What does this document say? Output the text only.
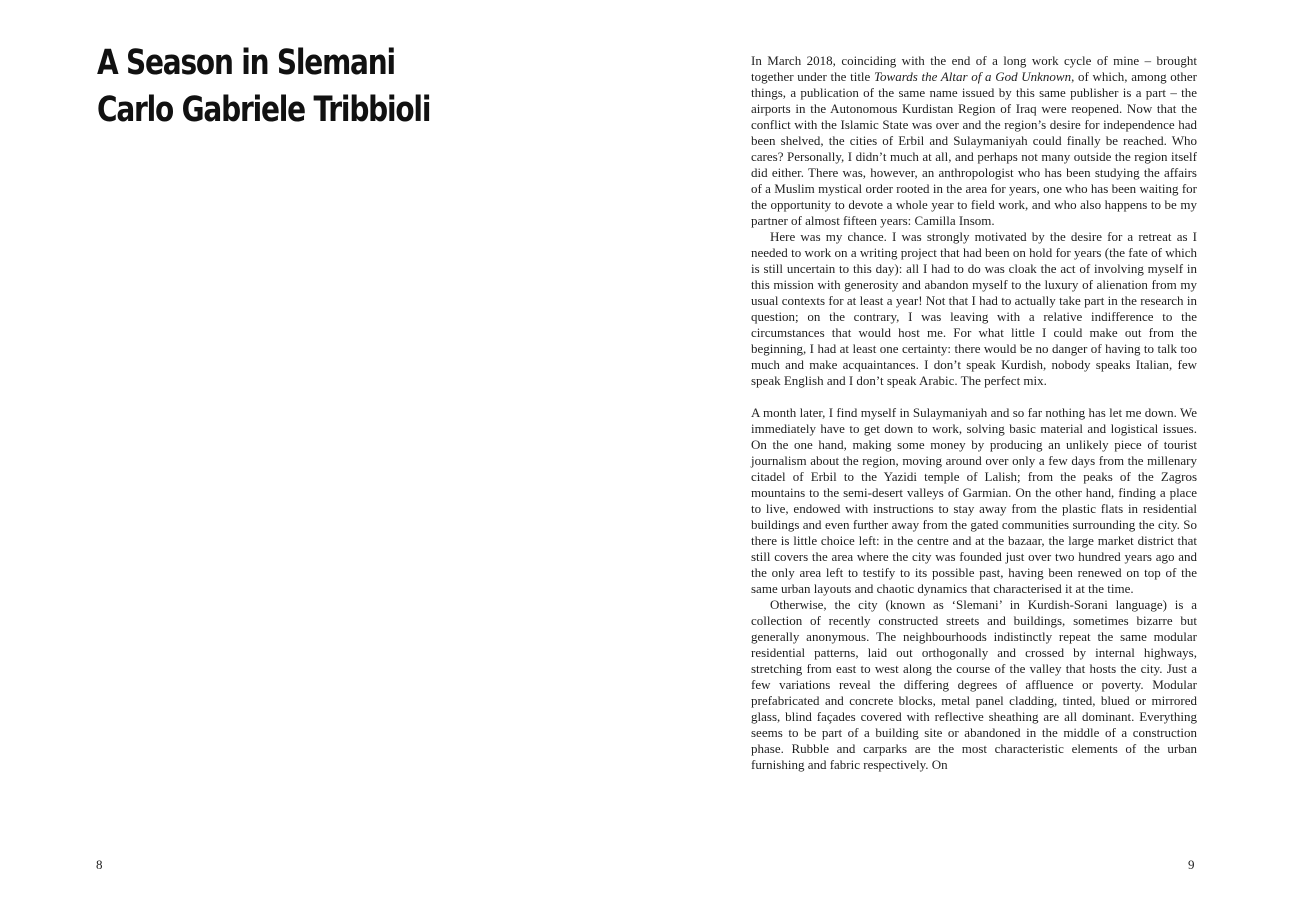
A Season in Slemani
Carlo Gabriele Tribbioli
8

In March 2018, coinciding with the end of a long work cycle of mine – brought together under the title Towards the Altar of a God Unknown, of which, among other things, a publication of the same name issued by this same publisher is a part – the airports in the Autonomous Kurdistan Region of Iraq were reopened. Now that the conflict with the Islamic State was over and the region’s desire for independence had been shelved, the cities of Erbil and Sulaymaniyah could finally be reached. Who cares? Personally, I didn’t much at all, and perhaps not many outside the region itself did either. There was, however, an anthropologist who has been studying the affairs of a Muslim mystical order rooted in the area for years, one who has been waiting for the opportunity to devote a whole year to field work, and who also happens to be my partner of almost fifteen years: Camilla Insom.

Here was my chance. I was strongly motivated by the desire for a retreat as I needed to work on a writing project that had been on hold for years (the fate of which is still uncertain to this day): all I had to do was cloak the act of involving myself in this mission with generosity and abandon myself to the luxury of alienation from my usual contexts for at least a year! Not that I had to actually take part in the research in question; on the contrary, I was leaving with a relative indifference to the circumstances that would host me. For what little I could make out from the beginning, I had at least one certainty: there would be no danger of having to talk too much and make acquaintances. I don’t speak Kurdish, nobody speaks Italian, few speak English and I don’t speak Arabic. The perfect mix.

A month later, I find myself in Sulaymaniyah and so far nothing has let me down. We immediately have to get down to work, solving basic material and logistical issues. On the one hand, making some money by producing an unlikely piece of tourist journalism about the region, moving around over only a few days from the millenary citadel of Erbil to the Yazidi temple of Lalish; from the peaks of the Zagros mountains to the semi-desert valleys of Garmian. On the other hand, finding a place to live, endowed with instructions to stay away from the plastic flats in residential buildings and even further away from the gated communities surrounding the city. So there is little choice left: in the centre and at the bazaar, the large market district that still covers the area where the city was founded just over two hundred years ago and the only area left to testify to its possible past, having been renewed on top of the same urban layouts and chaotic dynamics that characterised it at the time.

Otherwise, the city (known as ‘Slemani’ in Kurdish-Sorani language) is a collection of recently constructed streets and buildings, sometimes bizarre but generally anonymous. The neighbourhoods indistinctly repeat the same modular residential patterns, laid out orthogonally and crossed by internal highways, stretching from east to west along the course of the valley that hosts the city. Just a few variations reveal the differing degrees of affluence or poverty. Modular prefabricated and concrete blocks, metal panel cladding, tinted, blued or mirrored glass, blind façades covered with reflective sheathing are all dominant. Everything seems to be part of a building site or abandoned in the middle of a construction phase. Rubble and carparks are the most characteristic elements of the urban furnishing and fabric respectively. On

9
